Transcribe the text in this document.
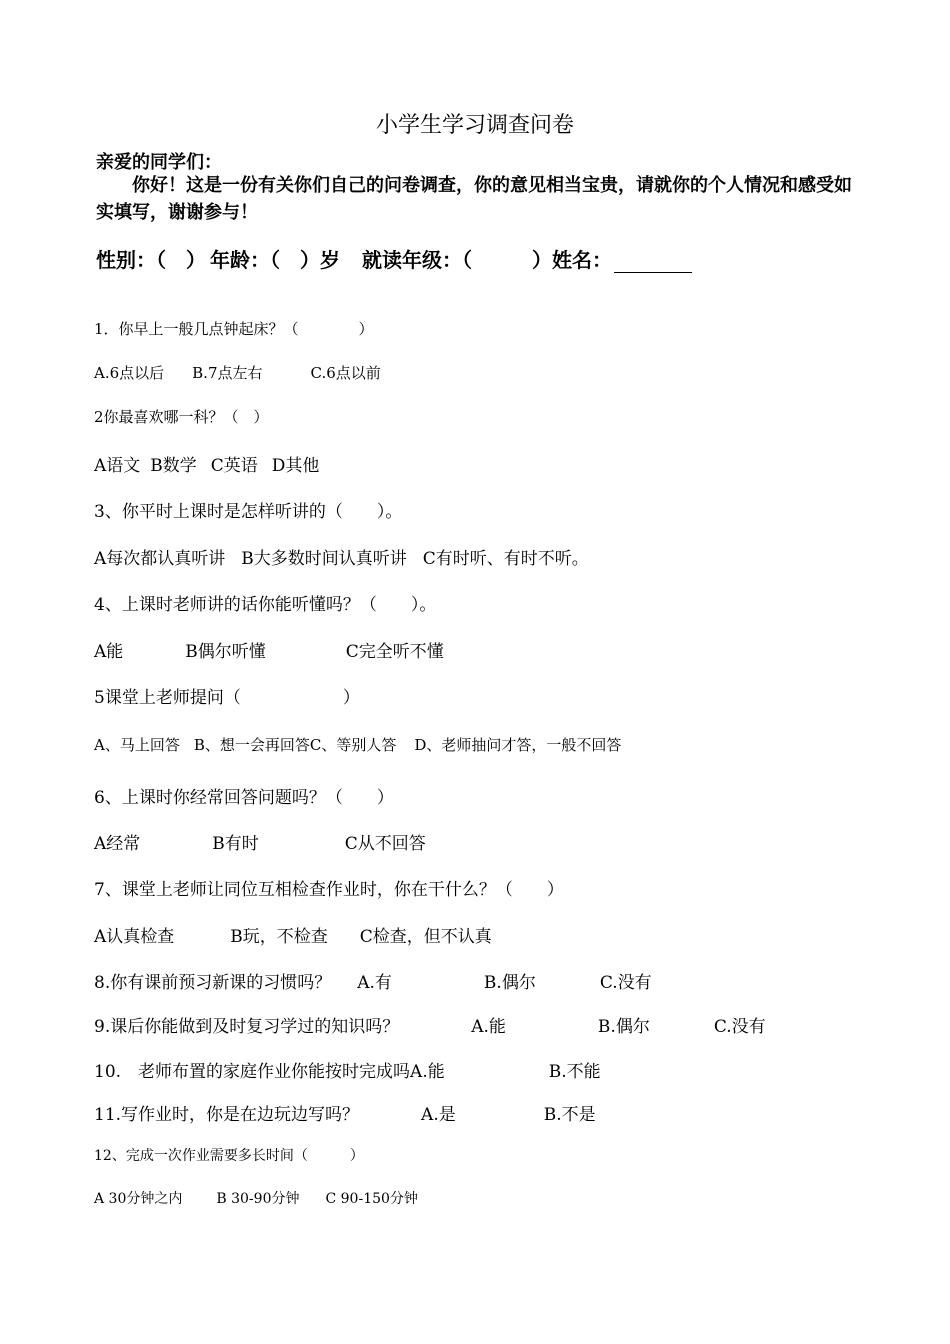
小学生学习调查问卷
亲爱的同学们：
你好！这是一份有关你们自己的问卷调查，你的意见相当宝贵，请就你的个人情况和感受如实填写，谢谢参与！
性别：（　） 年龄：（　）岁 就读年级：（　　　）姓名：
1．你早上一般几点钟起床？（　　　　）
A.6点以后 B.7点左右	C.6点以前
2你最喜欢哪一科？（　）
A语文 B数学 C英语 D其他
3、你平时上课时是怎样听讲的（　　）。
A每次都认真听讲 B大多数时间认真听讲 C有时听、有时不听。
4、上课时老师讲的话你能听懂吗？（　　）。
A能	B偶尔听懂	C完全听不懂
5课堂上老师提问（　　　　　　）
A、马上回答 B、想一会再回答C、等别人答 D、老师抽问才答，一般不回答
6、上课时你经常回答问题吗？（　　）
A经常	B有时	C从不回答
7、课堂上老师让同位互相检查作业时，你在干什么？（　　）
A认真检查	B玩，不检查 C检查，但不认真
8.你有课前预习新课的习惯吗？ A.有	B.偶尔	C.没有
9.课后你能做到及时复习学过的知识吗？	A.能	B.偶尔	C.没有
10.　老师布置的家庭作业你能按时完成吗A.能	B.不能
11.写作业时，你是在边玩边写吗？	A.是	B.不是
12、完成一次作业需要多长时间（　　　）
A 30分钟之内 B 30-90分钟 C 90-150分钟
